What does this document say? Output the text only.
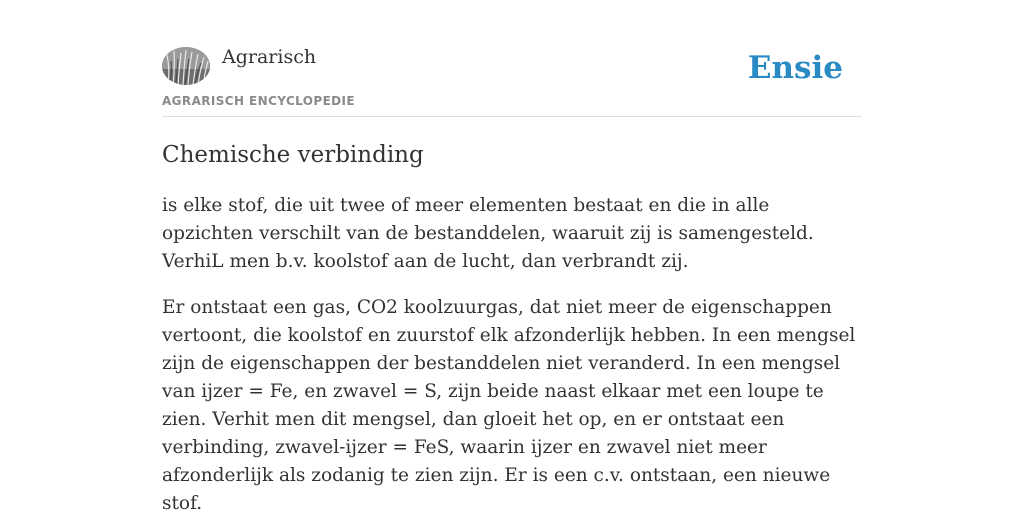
Agrarisch
AGRARISCH ENCYCLOPEDIE
Ensie
Chemische verbinding

is elke stof, die uit twee of meer elementen bestaat en die in alle opzichten verschilt van de bestanddelen, waaruit zij is samengesteld. VerhiL men b.v. koolstof aan de lucht, dan verbrandt zij.

Er ontstaat een gas, CO2 koolzuurgas, dat niet meer de eigenschappen vertoont, die koolstof en zuurstof elk afzonderlijk hebben. In een mengsel zijn de eigenschappen der bestanddelen niet veranderd. In een mengsel van ijzer = Fe, en zwavel = S, zijn beide naast elkaar met een loupe te zien. Verhit men dit mengsel, dan gloeit het op, en er ontstaat een verbinding, zwavel-ijzer = FeS, waarin ijzer en zwavel niet meer afzonderlijk als zodanig te zien zijn. Er is een c.v. ontstaan, een nieuwe stof.
